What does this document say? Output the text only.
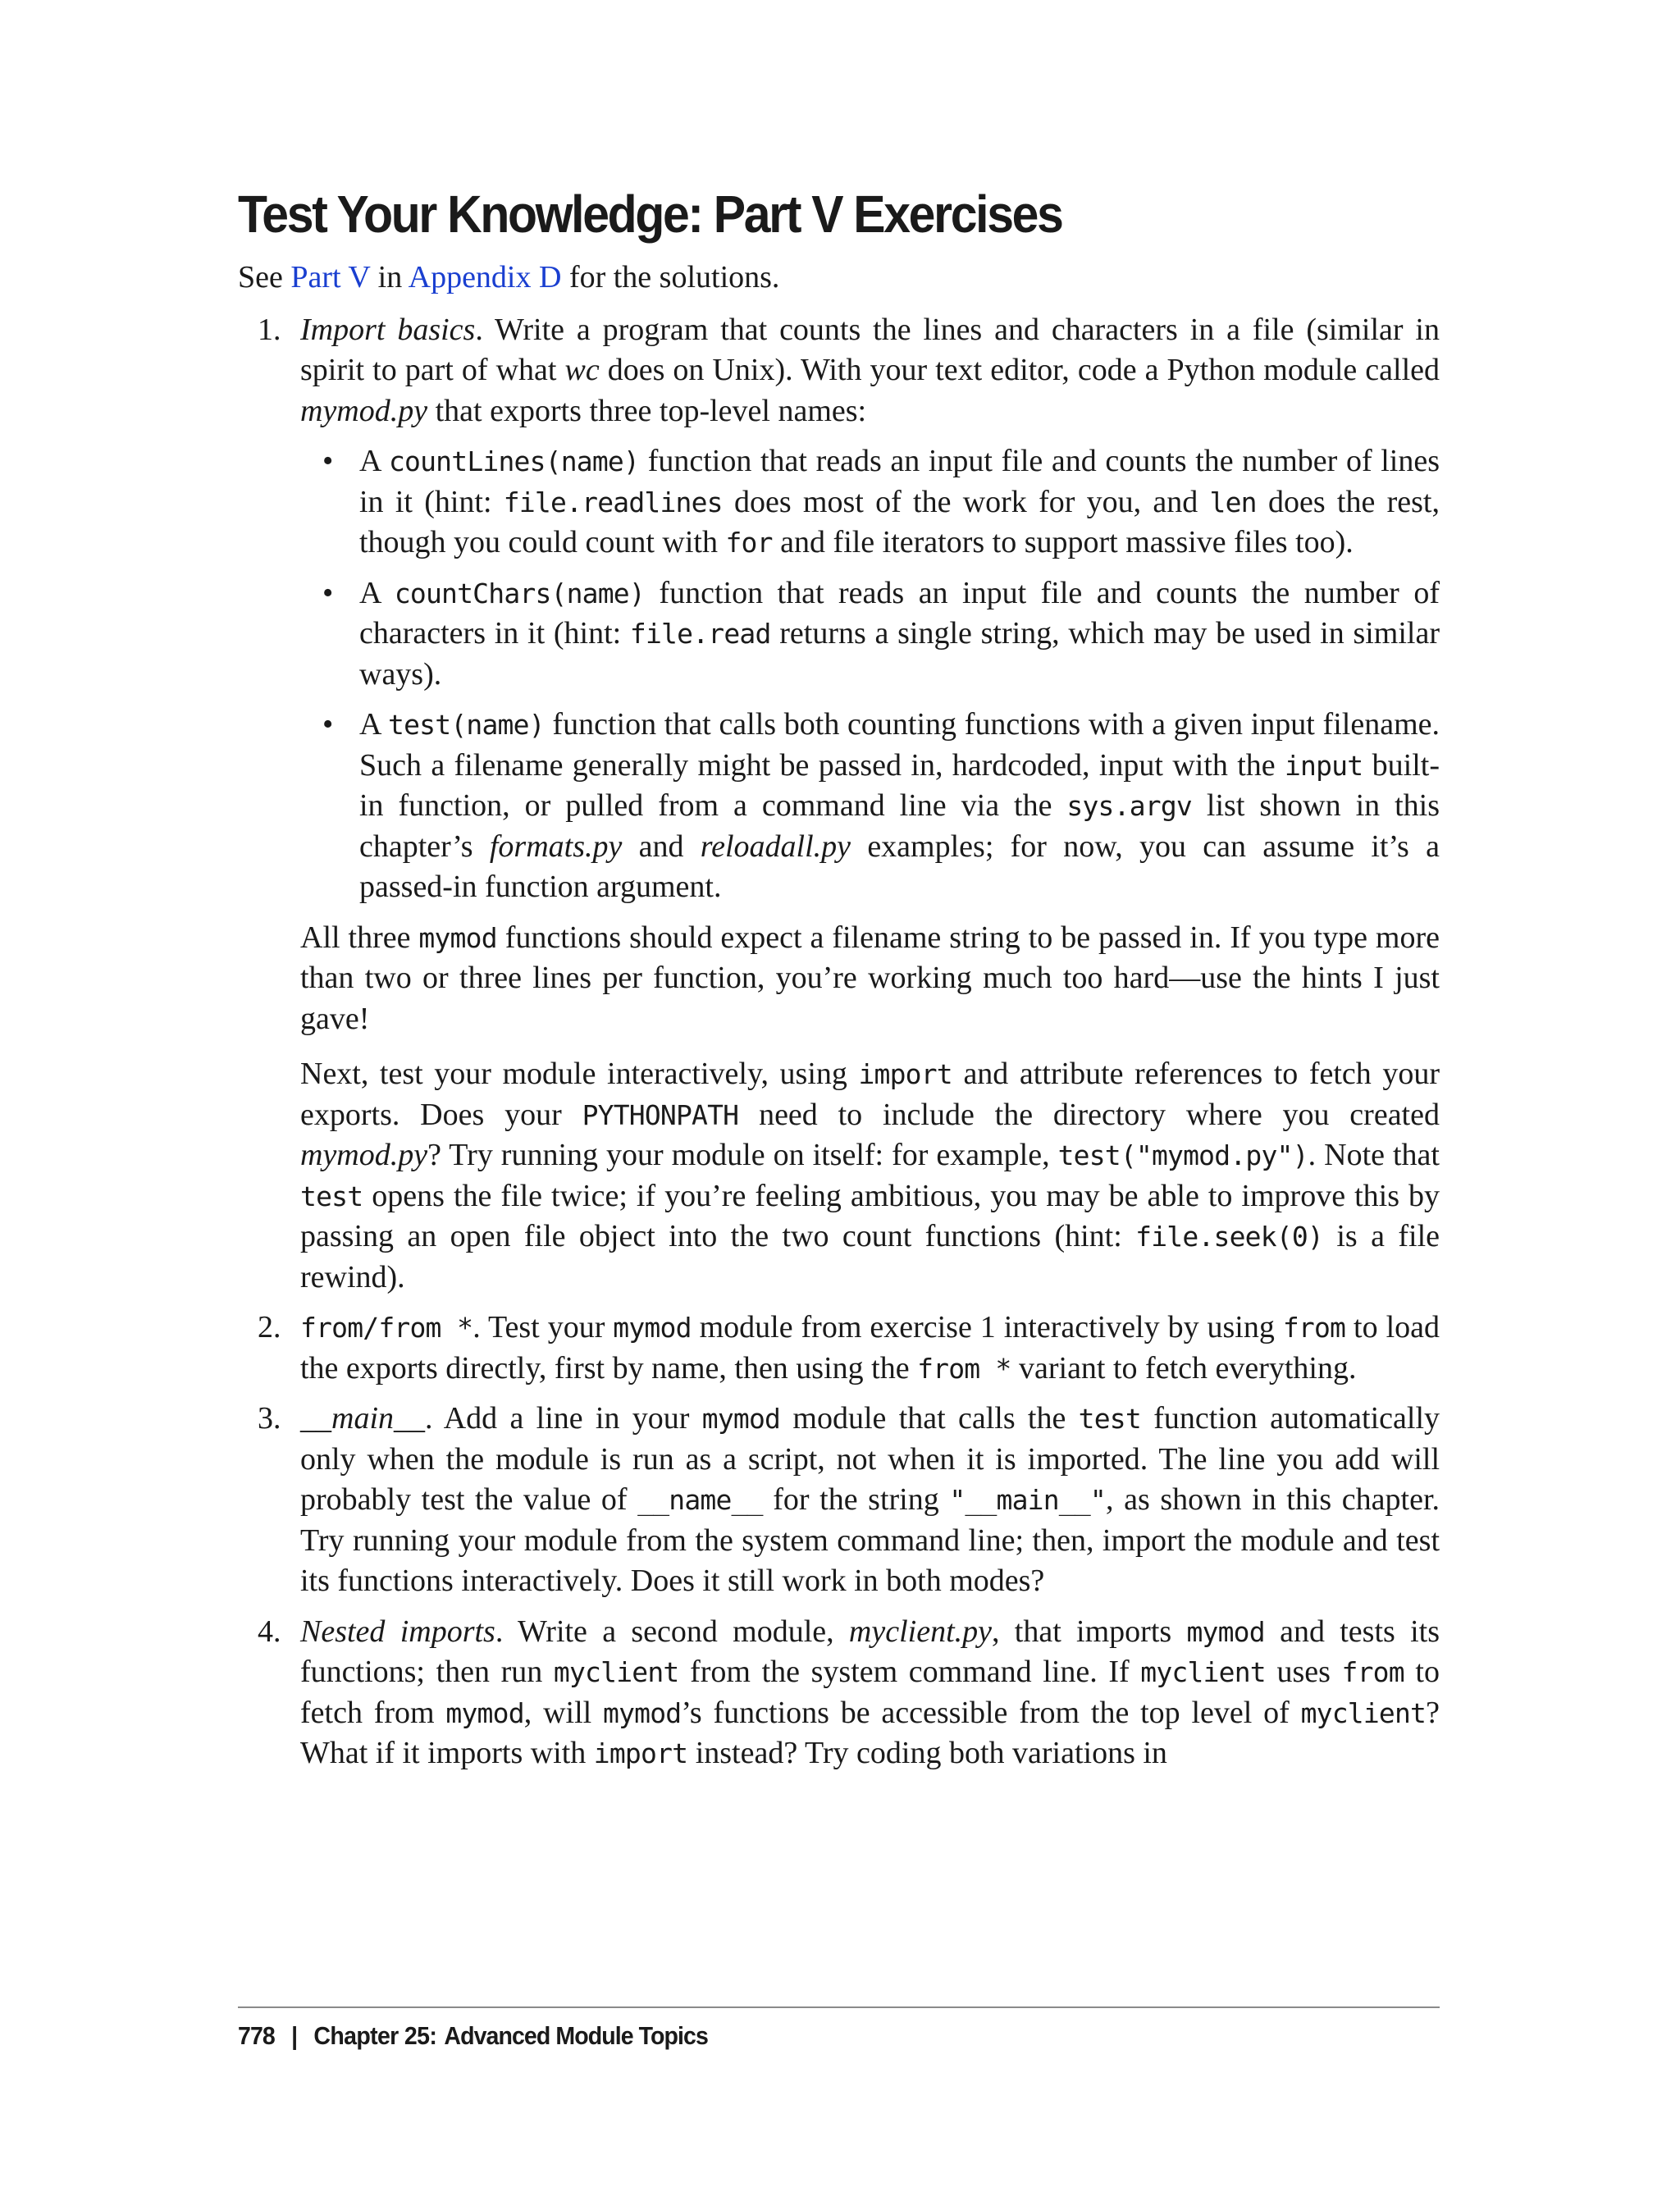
Test Your Knowledge: Part V Exercises

See Part V in Appendix D for the solutions.

1. Import basics. Write a program that counts the lines and characters in a file (similar in spirit to part of what wc does on Unix). With your text editor, code a Python module called mymod.py that exports three top-level names:

• A countLines(name) function that reads an input file and counts the number of lines in it (hint: file.readlines does most of the work for you, and len does the rest, though you could count with for and file iterators to support massive files too).

• A countChars(name) function that reads an input file and counts the number of characters in it (hint: file.read returns a single string, which may be used in similar ways).

• A test(name) function that calls both counting functions with a given input filename. Such a filename generally might be passed in, hardcoded, input with the input built-in function, or pulled from a command line via the sys.argv list shown in this chapter’s formats.py and reloadall.py examples; for now, you can assume it’s a passed-in function argument.

All three mymod functions should expect a filename string to be passed in. If you type more than two or three lines per function, you’re working much too hard—use the hints I just gave!

Next, test your module interactively, using import and attribute references to fetch your exports. Does your PYTHONPATH need to include the directory where you created mymod.py? Try running your module on itself: for example, test("mymod.py"). Note that test opens the file twice; if you’re feeling ambitious, you may be able to improve this by passing an open file object into the two count functions (hint: file.seek(0) is a file rewind).

2. from/from *. Test your mymod module from exercise 1 interactively by using from to load the exports directly, first by name, then using the from * variant to fetch everything.

3. __main__. Add a line in your mymod module that calls the test function automatically only when the module is run as a script, not when it is imported. The line you add will probably test the value of __name__ for the string "__main__", as shown in this chapter. Try running your module from the system command line; then, import the module and test its functions interactively. Does it still work in both modes?

4. Nested imports. Write a second module, myclient.py, that imports mymod and tests its functions; then run myclient from the system command line. If myclient uses from to fetch from mymod, will mymod’s functions be accessible from the top level of myclient? What if it imports with import instead? Try coding both variations in

778 | Chapter 25: Advanced Module Topics
